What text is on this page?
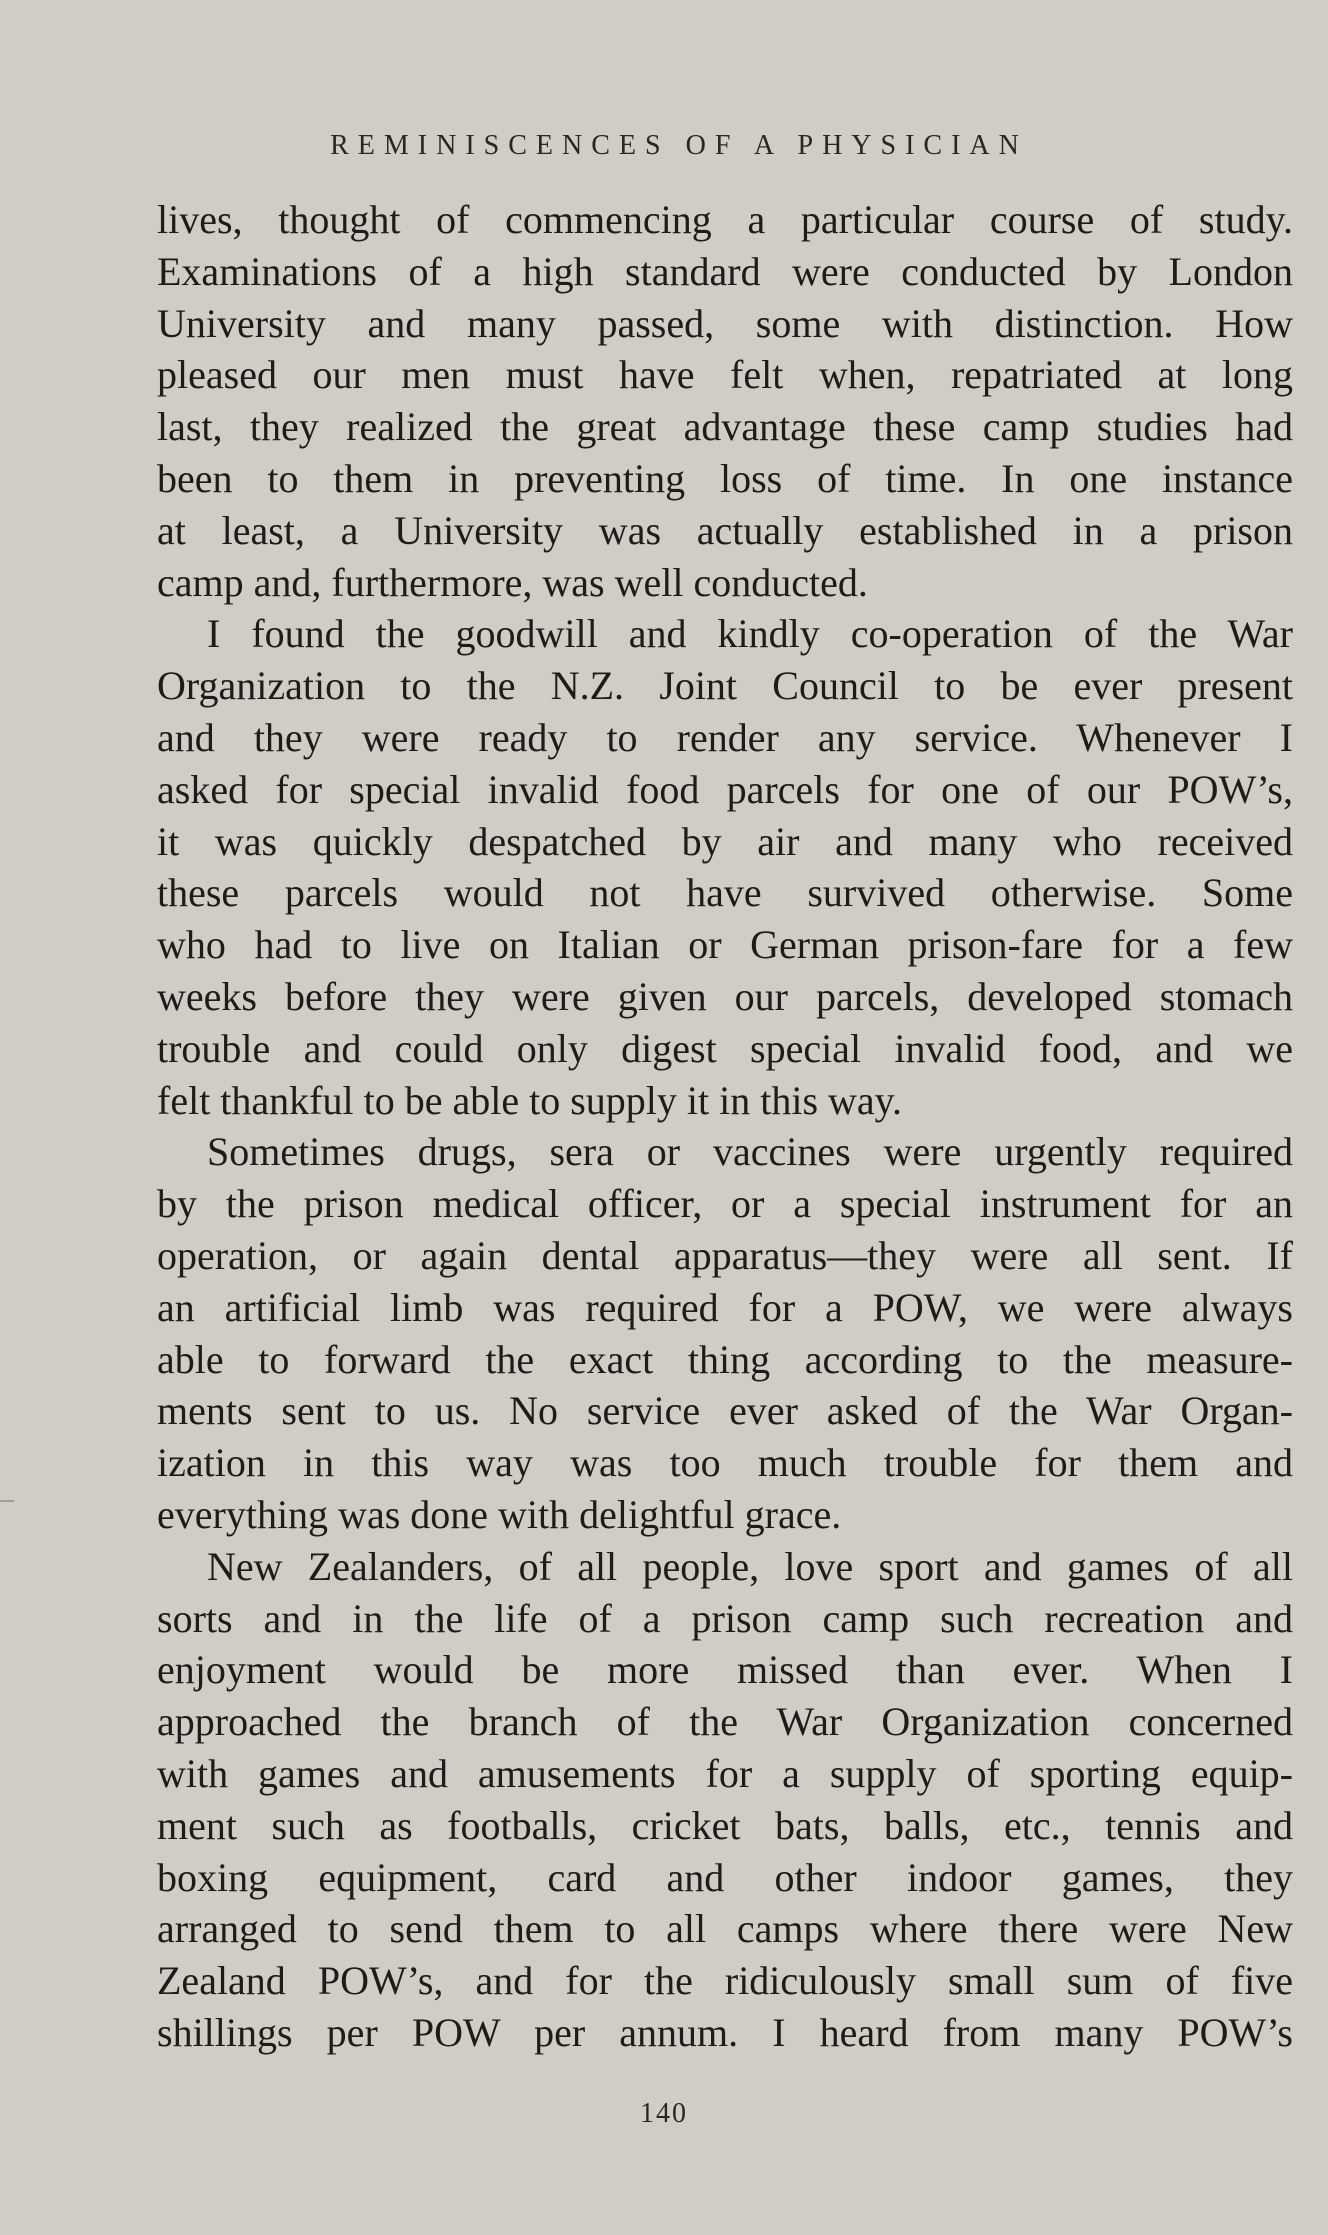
REMINISCENCES OF A PHYSICIAN
lives, thought of commencing a particular course of study.
Examinations of a high standard were conducted by London
University and many passed, some with distinction. How
pleased our men must have felt when, repatriated at long
last, they realized the great advantage these camp studies had
been to them in preventing loss of time. In one instance
at least, a University was actually established in a prison
camp and, furthermore, was well conducted.
I found the goodwill and kindly co-operation of the War
Organization to the N.Z. Joint Council to be ever present
and they were ready to render any service. Whenever I
asked for special invalid food parcels for one of our POW’s,
it was quickly despatched by air and many who received
these parcels would not have survived otherwise. Some
who had to live on Italian or German prison-fare for a few
weeks before they were given our parcels, developed stomach
trouble and could only digest special invalid food, and we
felt thankful to be able to supply it in this way.
Sometimes drugs, sera or vaccines were urgently required
by the prison medical officer, or a special instrument for an
operation, or again dental apparatus—they were all sent. If
an artificial limb was required for a POW, we were always
able to forward the exact thing according to the measure-
ments sent to us. No service ever asked of the War Organ-
ization in this way was too much trouble for them and
everything was done with delightful grace.
New Zealanders, of all people, love sport and games of all
sorts and in the life of a prison camp such recreation and
enjoyment would be more missed than ever. When I
approached the branch of the War Organization concerned
with games and amusements for a supply of sporting equip-
ment such as footballs, cricket bats, balls, etc., tennis and
boxing equipment, card and other indoor games, they
arranged to send them to all camps where there were New
Zealand POW’s, and for the ridiculously small sum of five
shillings per POW per annum. I heard from many POW’s
140
